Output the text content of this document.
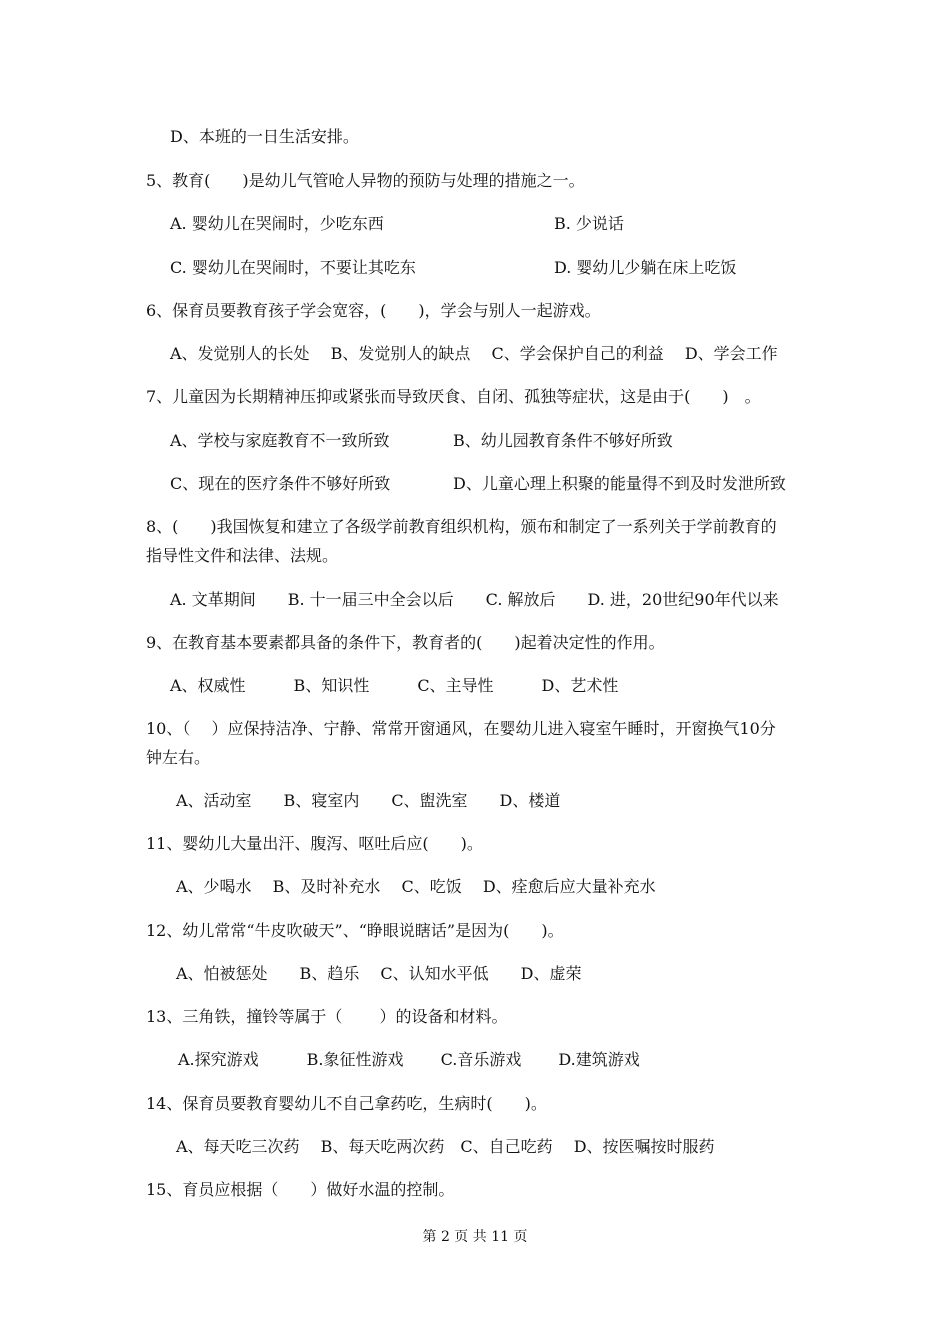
D、本班的一日生活安排。
5、教育(　　)是幼儿气管呛人异物的预防与处理的措施之一。
A. 婴幼儿在哭闹时，少吃东西	B. 少说话
C. 婴幼儿在哭闹时，不要让其吃东	D. 婴幼儿少躺在床上吃饭
6、保育员要教育孩子学会宽容，(　　)，学会与别人一起游戏。
A、发觉别人的长处　 B、发觉别人的缺点　 C、学会保护自己的利益　 D、学会工作
7、儿童因为长期精神压抑或紧张而导致厌食、自闭、孤独等症状，这是由于(　　)　。
A、学校与家庭教育不一致所致	B、幼儿园教育条件不够好所致
C、现在的医疗条件不够好所致	D、儿童心理上积聚的能量得不到及时发泄所致
8、(　　)我国恢复和建立了各级学前教育组织机构，颁布和制定了一系列关于学前教育的
指导性文件和法律、法规。
A. 文革期间　　B. 十一届三中全会以后　　C. 解放后　　D. 进，20世纪90年代以来
9、在教育基本要素都具备的条件下，教育者的(　　)起着决定性的作用。
A、权威性　　　B、知识性　　　C、主导性　　　D、艺术性
10、（　 ）应保持洁净、宁静、常常开窗通风，在婴幼儿进入寝室午睡时，开窗换气10分
钟左右。
A、活动室　　B、寝室内　　C、盥洗室　　D、楼道
11、婴幼儿大量出汗、腹泻、呕吐后应(　　)。
A、少喝水　 B、及时补充水　 C、吃饭　 D、痊愈后应大量补充水
12、幼儿常常“牛皮吹破天”、“睁眼说瞎话”是因为(　　)。
A、怕被惩处　　B、趋乐　 C、认知水平低　　D、虚荣
13、三角铁，撞铃等属于（　　 ）的设备和材料。
A.探究游戏　　　B.象征性游戏　　 C.音乐游戏　　 D.建筑游戏
14、保育员要教育婴幼儿不自己拿药吃，生病时(　　)。
A、每天吃三次药　 B、每天吃两次药　C、自己吃药　 D、按医嘱按时服药
15、育员应根据（　　）做好水温的控制。
第 2 页 共 11 页
